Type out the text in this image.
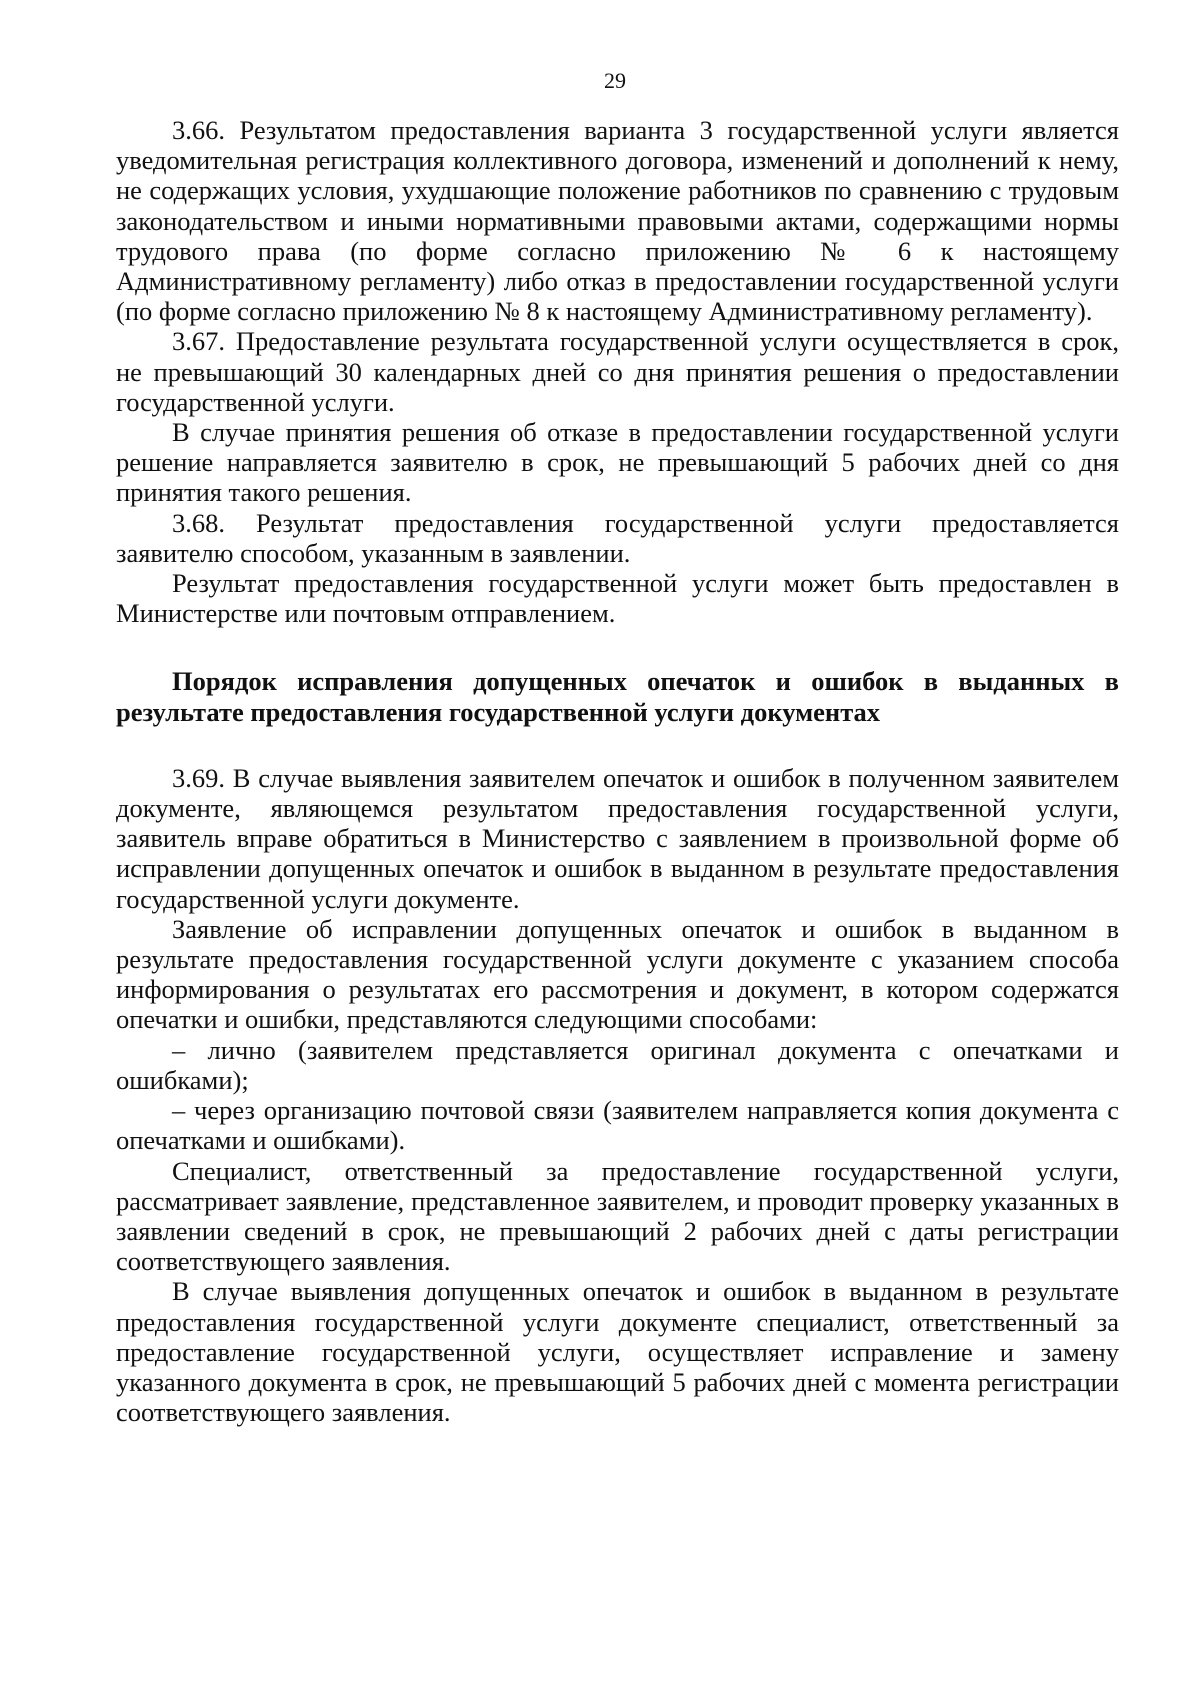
29

3.66. Результатом предоставления варианта 3 государственной услуги является уведомительная регистрация коллективного договора, изменений и дополнений к нему, не содержащих условия, ухудшающие положение работников по сравнению с трудовым законодательством и иными нормативными правовыми актами, содержащими нормы трудового права (по форме согласно приложению № 6 к настоящему Административному регламенту) либо отказ в предоставлении государственной услуги (по форме согласно приложению № 8 к настоящему Административному регламенту).

3.67. Предоставление результата государственной услуги осуществляется в срок, не превышающий 30 календарных дней со дня принятия решения о предоставлении государственной услуги.

В случае принятия решения об отказе в предоставлении государственной услуги решение направляется заявителю в срок, не превышающий 5 рабочих дней со дня принятия такого решения.

3.68. Результат предоставления государственной услуги предоставляется заявителю способом, указанным в заявлении.

Результат предоставления государственной услуги может быть предоставлен в Министерстве или почтовым отправлением.

Порядок исправления допущенных опечаток и ошибок в выданных в результате предоставления государственной услуги документах

3.69. В случае выявления заявителем опечаток и ошибок в полученном заявителем документе, являющемся результатом предоставления государственной услуги, заявитель вправе обратиться в Министерство с заявлением в произвольной форме об исправлении допущенных опечаток и ошибок в выданном в результате предоставления государственной услуги документе.

Заявление об исправлении допущенных опечаток и ошибок в выданном в результате предоставления государственной услуги документе с указанием способа информирования о результатах его рассмотрения и документ, в котором содержатся опечатки и ошибки, представляются следующими способами:

– лично (заявителем представляется оригинал документа с опечатками и ошибками);

– через организацию почтовой связи (заявителем направляется копия документа с опечатками и ошибками).

Специалист, ответственный за предоставление государственной услуги, рассматривает заявление, представленное заявителем, и проводит проверку указанных в заявлении сведений в срок, не превышающий 2 рабочих дней с даты регистрации соответствующего заявления.

В случае выявления допущенных опечаток и ошибок в выданном в результате предоставления государственной услуги документе специалист, ответственный за предоставление государственной услуги, осуществляет исправление и замену указанного документа в срок, не превышающий 5 рабочих дней с момента регистрации соответствующего заявления.
